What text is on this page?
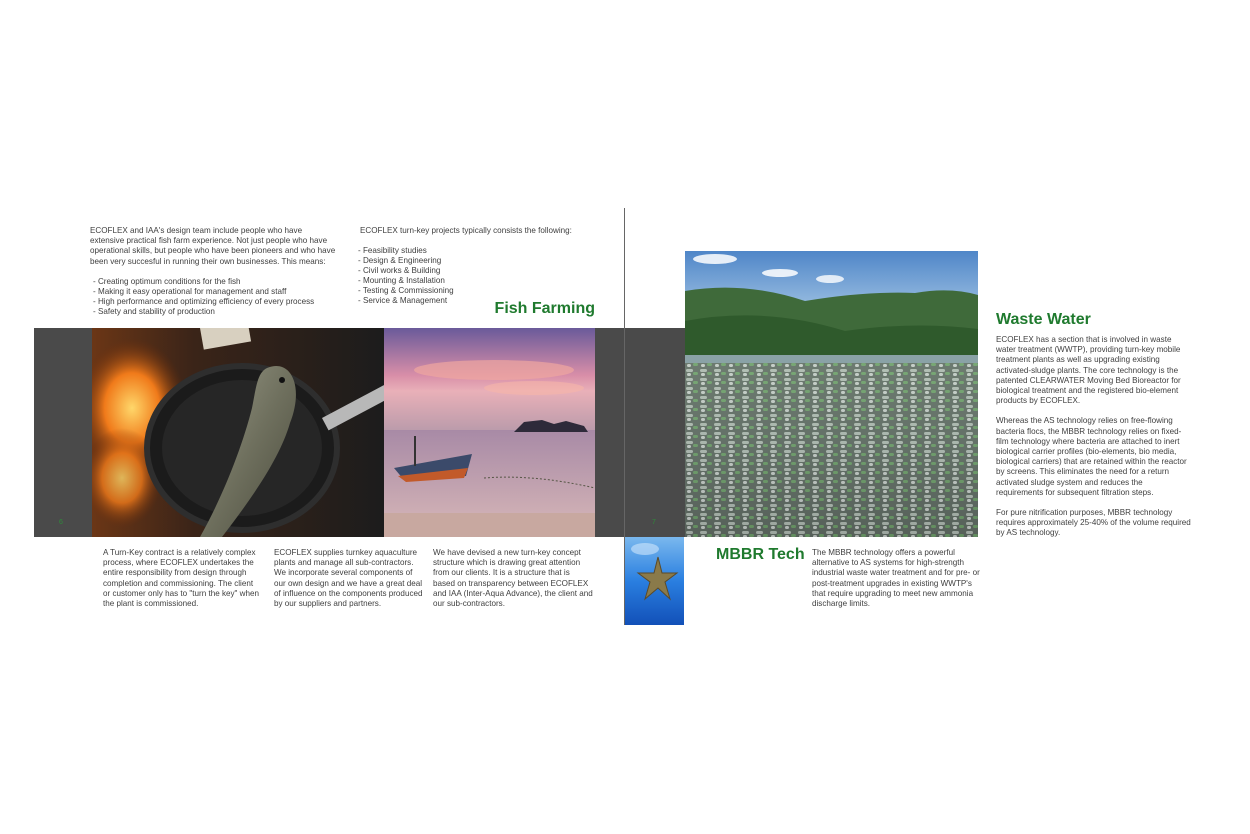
ECOFLEX and IAA's design team include people who have extensive practical fish farm experience. Not just people who have operational skills, but people who have been pioneers and who have been very succesful in running their own businesses. This means:
- Creating optimum conditions for the fish
- Making it easy operational for management and staff
- High performance and optimizing efficiency of every process
- Safety and stability of production
ECOFLEX turn-key projects typically consists the following:
- Feasibility studies
- Design & Engineering
- Civil works & Building
- Mounting & Installation
- Testing & Commissioning
- Service & Management	Fish Farming
6
A Turn-Key contract is a relatively complex process, where ECOFLEX undertakes the entire responsibility from design through completion and commissioning. The client or customer only has to "turn the key" when the plant is commissioned.
ECOFLEX supplies turnkey aquaculture plants and manage all sub-contractors. We incorporate several components of our own design and we have a great deal of influence on the components produced by our suppliers and partners.
We have devised a new turn-key concept structure which is drawing great attention from our clients. It is a structure that is based on transparency between ECOFLEX and IAA (Inter-Aqua Advance), the client and our sub-contractors.
7
Waste Water

ECOFLEX has a section that is involved in waste water treatment (WWTP), providing turn-key mobile treatment plants as well as upgrading existing activated-sludge plants. The core technology is the patented CLEARWATER Moving Bed Bioreactor for biological treatment and the registered bio-element products by ECOFLEX.

Whereas the AS technology relies on free-flowing bacteria flocs, the MBBR technology relies on fixed-film technology where bacteria are attached to inert biological carrier profiles (bio-elements, bio media, biological carriers) that are retained within the reactor by screens. This eliminates the need for a return activated sludge system and reduces the requirements for subsequent filtration steps.

For pure nitrification purposes, MBBR technology requires approximately 25-40% of the volume required by AS technology.

MBBR Tech The MBBR technology offers a powerful alternative to AS systems for high-strength industrial waste water treatment and for pre- or post-treatment upgrades in existing WWTP's that require upgrading to meet new ammonia discharge limits.
